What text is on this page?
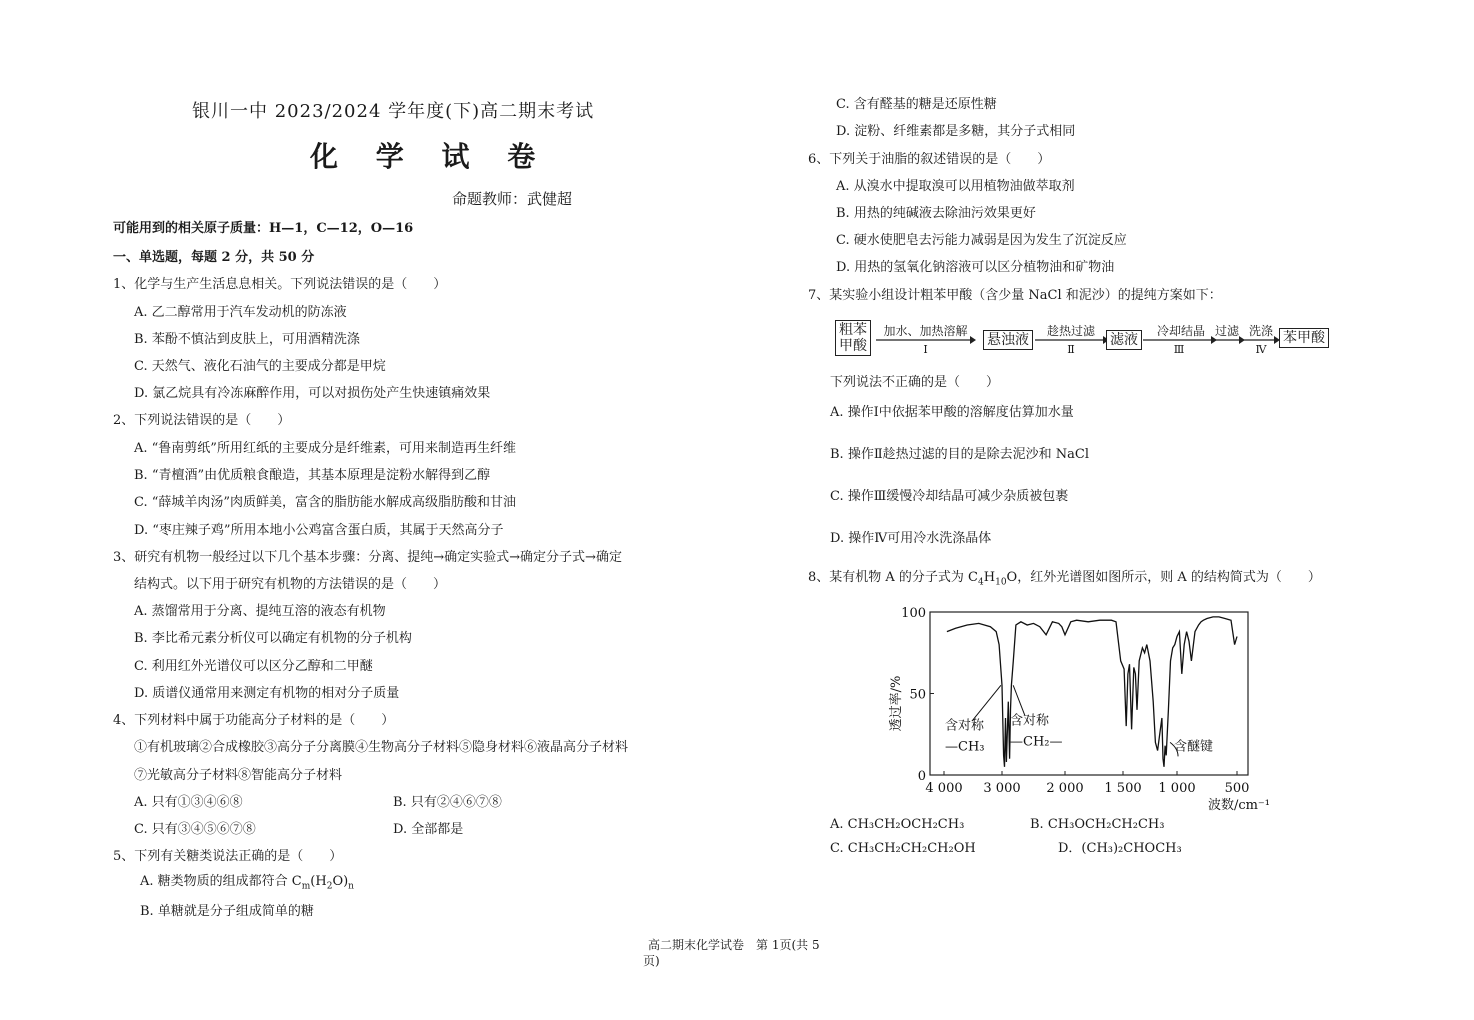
银川一中 2023/2024 学年度(下)高二期末考试
化 学 试 卷
命题教师：武健超
可能用到的相关原子质量：H—1，C—12，O—16
一、单选题，每题 2 分，共 50 分
1、化学与生产生活息息相关。下列说法错误的是（　　）
A. 乙二醇常用于汽车发动机的防冻液
B. 苯酚不慎沾到皮肤上，可用酒精洗涤
C. 天然气、液化石油气的主要成分都是甲烷
D. 氯乙烷具有冷冻麻醉作用，可以对损伤处产生快速镇痛效果
2、下列说法错误的是（　　）
A. “鲁南剪纸”所用红纸的主要成分是纤维素，可用来制造再生纤维
B. “青檀酒”由优质粮食酿造，其基本原理是淀粉水解得到乙醇
C. “薛城羊肉汤”肉质鲜美，富含的脂肪能水解成高级脂肪酸和甘油
D. “枣庄辣子鸡”所用本地小公鸡富含蛋白质，其属于天然高分子
3、研究有机物一般经过以下几个基本步骤：分离、提纯→确定实验式→确定分子式→确定
结构式。以下用于研究有机物的方法错误的是（　　）
A. 蒸馏常用于分离、提纯互溶的液态有机物
B. 李比希元素分析仪可以确定有机物的分子机构
C. 利用红外光谱仪可以区分乙醇和二甲醚
D. 质谱仪通常用来测定有机物的相对分子质量
4、下列材料中属于功能高分子材料的是（　　）
①有机玻璃②合成橡胶③高分子分离膜④生物高分子材料⑤隐身材料⑥液晶高分子材料
⑦光敏高分子材料⑧智能高分子材料
A. 只有①③④⑥⑧	B. 只有②④⑥⑦⑧
C. 只有③④⑤⑥⑦⑧	D. 全部都是
5、下列有关糖类说法正确的是（　　）
A. 糖类物质的组成都符合 $C_m(H_2O)_n$
B. 单糖就是分子组成简单的糖
C. 含有醛基的糖是还原性糖
D. 淀粉、纤维素都是多糖，其分子式相同
6、下列关于油脂的叙述错误的是（　　）
A. 从溴水中提取溴可以用植物油做萃取剂
B. 用热的纯碱液去除油污效果更好
C. 硬水使肥皂去污能力减弱是因为发生了沉淀反应
D. 用热的氢氧化钠溶液可以区分植物油和矿物油
7、某实验小组设计粗苯甲酸（含少量 NaCl 和泥沙）的提纯方案如下：
粗苯
甲酸
加水、加热溶解
Ⅰ
悬浊液
趁热过滤
Ⅱ
滤液
冷却结晶
Ⅲ
过滤 洗涤
Ⅳ
苯甲酸
下列说法不正确的是（　　）
A. 操作Ⅰ中依据苯甲酸的溶解度估算加水量
B. 操作Ⅱ趁热过滤的目的是除去泥沙和 NaCl
C. 操作Ⅲ缓慢冷却结晶可减少杂质被包裹
D. 操作Ⅳ可用冷水洗涤晶体
8、某有机物 A 的分子式为 $C_4H_{10}O$，红外光谱图如图所示，则 A 的结构简式为（　　）
4 000 3 000 2 000 1 500 1 000 500
100
50
0
波数/cm⁻¹
透过率/%	含对称
—CH₃
含对称
—CH₂—	含醚键
A. CH₃CH₂OCH₂CH₃	B. CH₃OCH₂CH₂CH₃
C. CH₃CH₂CH₂CH₂OH	D．(CH₃)₂CHOCH₃
高二期末化学试卷　第 1页(共 5
页)
